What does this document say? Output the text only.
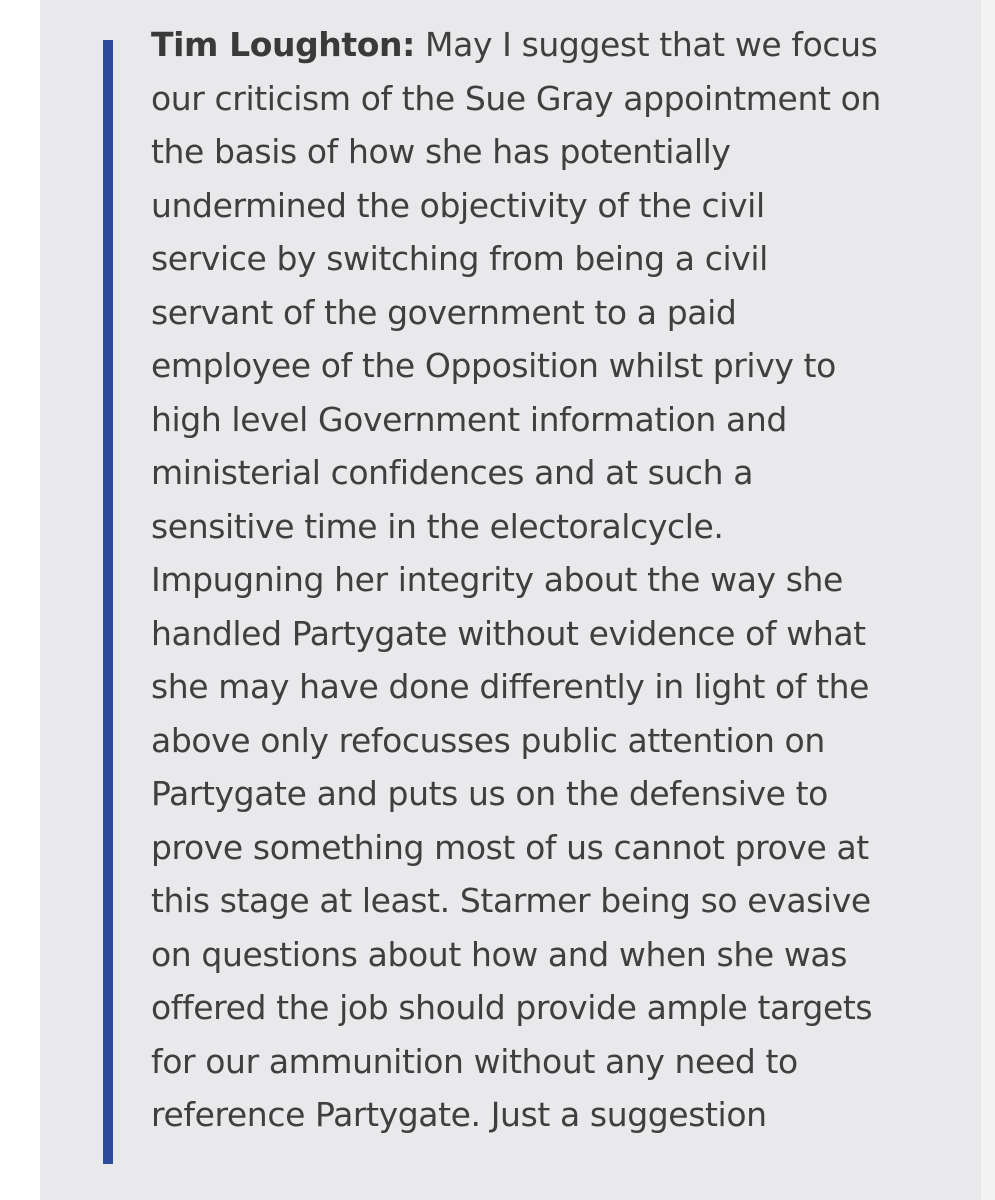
Tim Loughton: May I suggest that we focus our criticism of the Sue Gray appointment on the basis of how she has potentially undermined the objectivity of the civil service by switching from being a civil servant of the government to a paid employee of the Opposition whilst privy to high level Government information and ministerial confidences and at such a sensitive time in the electoralcycle. Impugning her integrity about the way she handled Partygate without evidence of what she may have done differently in light of the above only refocusses public attention on Partygate and puts us on the defensive to prove something most of us cannot prove at this stage at least. Starmer being so evasive on questions about how and when she was offered the job should provide ample targets for our ammunition without any need to reference Partygate. Just a suggestion
